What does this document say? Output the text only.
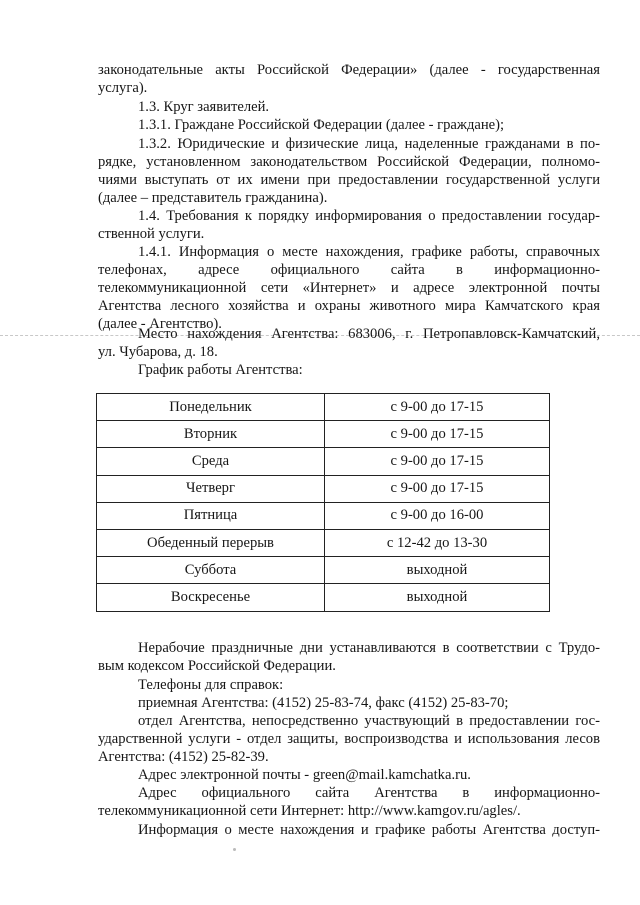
законодательные акты Российской Федерации» (далее - государственная
услуга).
1.3. Круг заявителей.
1.3.1. Граждане Российской Федерации (далее - граждане);
1.3.2. Юридические и физические лица, наделенные гражданами в по-
рядке, установленном законодательством Российской Федерации, полномо-
чиями выступать от их имени при предоставлении государственной услуги
(далее – представитель гражданина).
1.4. Требования к порядку информирования о предоставлении государ-
ственной услуги.
1.4.1. Информация о месте нахождения, графике работы, справочных
телефонах, адресе официального сайта в информационно-
телекоммуникационной сети «Интернет» и адресе электронной почты
Агентства лесного хозяйства и охраны животного мира Камчатского края
(далее - Агентство).
Место нахождения Агентства: 683006, г. Петропавловск-Камчатский,
ул. Чубарова, д. 18.
График работы Агентства:
Понедельник	с 9-00 до 17-15
Вторник	с 9-00 до 17-15
Среда	с 9-00 до 17-15
Четверг	с 9-00 до 17-15
Пятница	с 9-00 до 16-00
Обеденный перерыв	с 12-42 до 13-30
Суббота	выходной
Воскресенье	выходной
Нерабочие праздничные дни устанавливаются в соответствии с Трудо-
вым кодексом Российской Федерации.
Телефоны для справок:
приемная Агентства: (4152) 25-83-74, факс (4152) 25-83-70;
отдел Агентства, непосредственно участвующий в предоставлении гос-
ударственной услуги - отдел защиты, воспроизводства и использования лесов
Агентства: (4152) 25-82-39.
Адрес электронной почты - green@mail.kamchatka.ru.
Адрес официального сайта Агентства в информационно-
телекоммуникационной сети Интернет: http://www.kamgov.ru/agles/.
Информация о месте нахождения и графике работы Агентства доступ-
